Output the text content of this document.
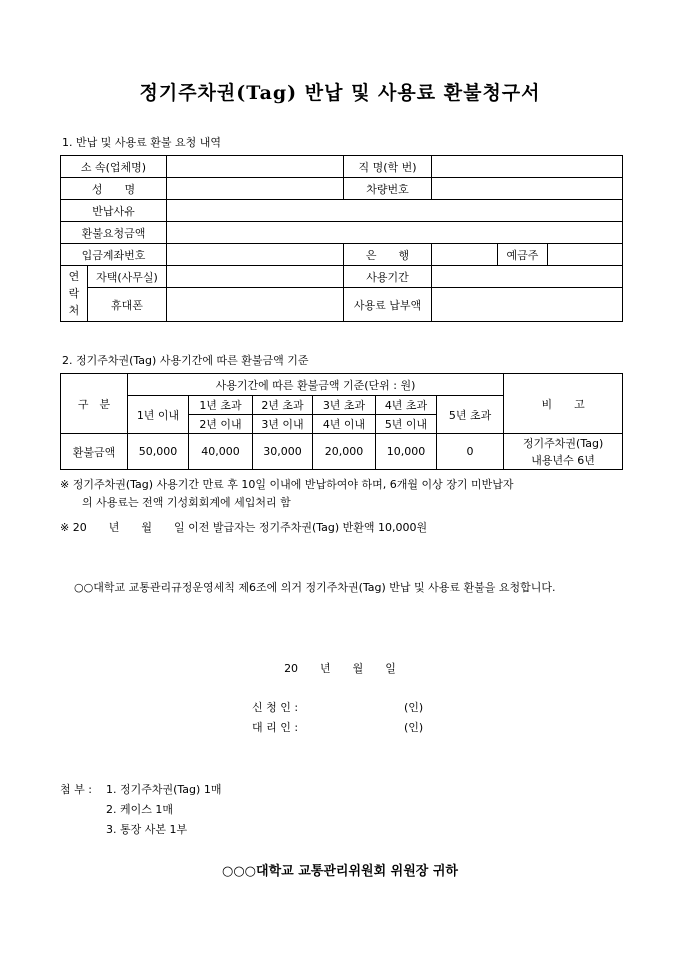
정기주차권(Tag) 반납 및 사용료 환불청구서
1. 반납 및 사용료 환불 요청 내역
소 속(업체명)			직 명(학 번)			
성　　명			차량번호			
반납사유						
환불요청금액						
입금계좌번호			은　　행		예금주	
연 락 처	자택(사무실)		사용기간			
	휴대폰		사용료 납부액			
2. 정기주차권(Tag) 사용기간에 따른 환불금액 기준
구　분	사용기간에 따른 환불금액 기준(단위 : 원)						비　　고
	1년 이내	1년 초과	2년 초과	3년 초과	4년 초과	5년 초과	
		2년 이내	3년 이내	4년 이내	5년 이내		
환불금액	50,000	40,000	30,000	20,000	10,000	0	정기주차권(Tag)
내용년수 6년
※ 정기주차권(Tag) 사용기간 만료 후 10일 이내에 반납하여야 하며, 6개월 이상 장기 미반납자
의 사용료는 전액 기성회회계에 세입처리 함
※ 20　　년　　월　　일 이전 발급자는 정기주차권(Tag) 반환액 10,000원
○○대학교 교통관리규정운영세칙 제6조에 의거 정기주차권(Tag) 반납 및 사용료 환불을 요청합니다.
20　　년　　월　　일
신 청 인 :	(인)
대 리 인 :	(인)
첨 부 : 1. 정기주차권(Tag) 1매
2. 케이스 1매
3. 통장 사본 1부
○○○대학교 교통관리위원회 위원장 귀하
